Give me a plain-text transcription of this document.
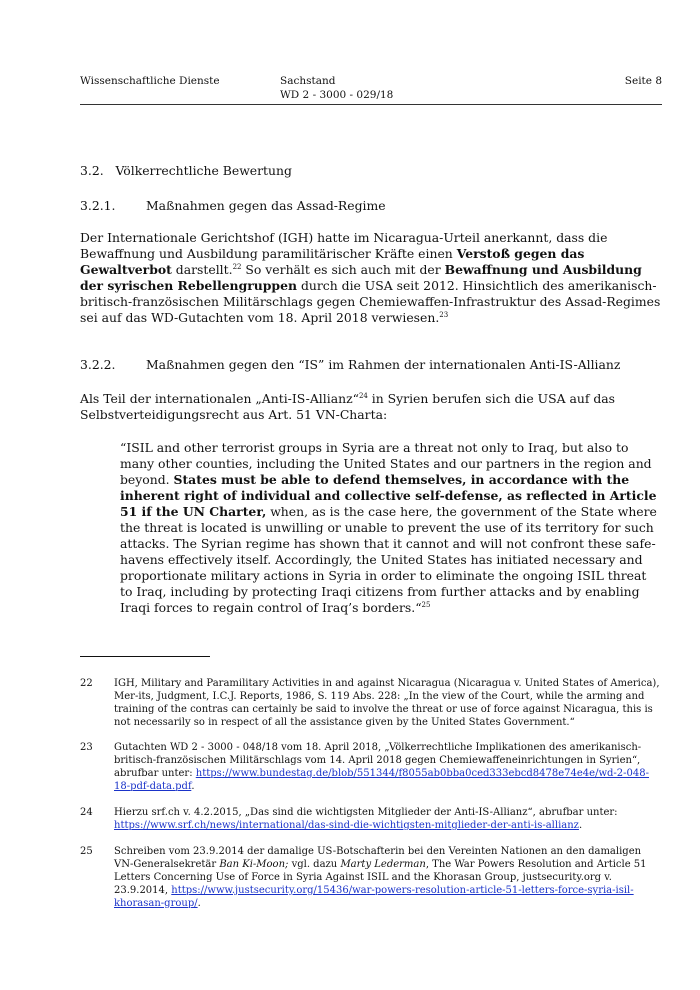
Wissenschaftliche Dienste	Sachstand
WD 2 - 3000 - 029/18
Seite 8
3.2. Völkerrechtliche Bewertung
3.2.1. Maßnahmen gegen das Assad-Regime

Der Internationale Gerichtshof (IGH) hatte im Nicaragua-Urteil anerkannt, dass die Bewaffnung und Ausbildung paramilitärischer Kräfte einen Verstoß gegen das Gewaltverbot darstellt.$^{22}$ So verhält es sich auch mit der Bewaffnung und Ausbildung der syrischen Rebellengruppen durch die USA seit 2012. Hinsichtlich des amerikanisch-britisch-französischen Militärschlags gegen Chemiewaffen-Infrastruktur des Assad-Regimes sei auf das WD-Gutachten vom 18. April 2018 verwiesen.$^{23}$

3.2.2. Maßnahmen gegen den “IS” im Rahmen der internationalen Anti-IS-Allianz

Als Teil der internationalen „Anti-IS-Allianz“$^{24}$ in Syrien berufen sich die USA auf das Selbstverteidigungsrecht aus Art. 51 VN-Charta:

“ISIL and other terrorist groups in Syria are a threat not only to Iraq, but also to many other counties, including the United States and our partners in the region and beyond. States must be able to defend themselves, in accordance with the inherent right of individual and collective self-defense, as reflected in Article 51 if the UN Charter, when, as is the case here, the government of the State where the threat is located is unwilling or unable to prevent the use of its territory for such attacks. The Syrian regime has shown that it cannot and will not confront these safe-havens effectively itself. Accordingly, the United States has initiated necessary and proportionate military actions in Syria in order to eliminate the ongoing ISIL threat to Iraq, including by protecting Iraqi citizens from further attacks and by enabling Iraqi forces to regain control of Iraq’s borders.“$^{25}$

22 IGH, Military and Paramilitary Activities in and against Nicaragua (Nicaragua v. United States of America), Mer-its, Judgment, I.C.J. Reports, 1986, S. 119 Abs. 228: „In the view of the Court, while the arming and training of the contras can certainly be said to involve the threat or use of force against Nicaragua, this is not necessarily so in respect of all the assistance given by the United States Government.“
23 Gutachten WD 2 - 3000 - 048/18 vom 18. April 2018, „Völkerrechtliche Implikationen des amerikanisch-britisch-französischen Militärschlags vom 14. April 2018 gegen Chemiewaffeneinrichtungen in Syrien“, abrufbar unter: https://www.bundestag.de/blob/551344/f8055ab0bba0ced333ebcd8478e74e4e/wd-2-048-18-pdf-data.pdf.
24 Hierzu srf.ch v. 4.2.2015, „Das sind die wichtigsten Mitglieder der Anti-IS-Allianz“, abrufbar unter: https://www.srf.ch/news/international/das-sind-die-wichtigsten-mitglieder-der-anti-is-allianz.
25 Schreiben vom 23.9.2014 der damalige US-Botschafterin bei den Vereinten Nationen an den damaligen VN-Generalsekretär Ban Ki-Moon; vgl. dazu Marty Lederman, The War Powers Resolution and Article 51 Letters Concerning Use of Force in Syria Against ISIL and the Khorasan Group, justsecurity.org v. 23.9.2014, https://www.justsecurity.org/15436/war-powers-resolution-article-51-letters-force-syria-isil-khorasan-group/.
